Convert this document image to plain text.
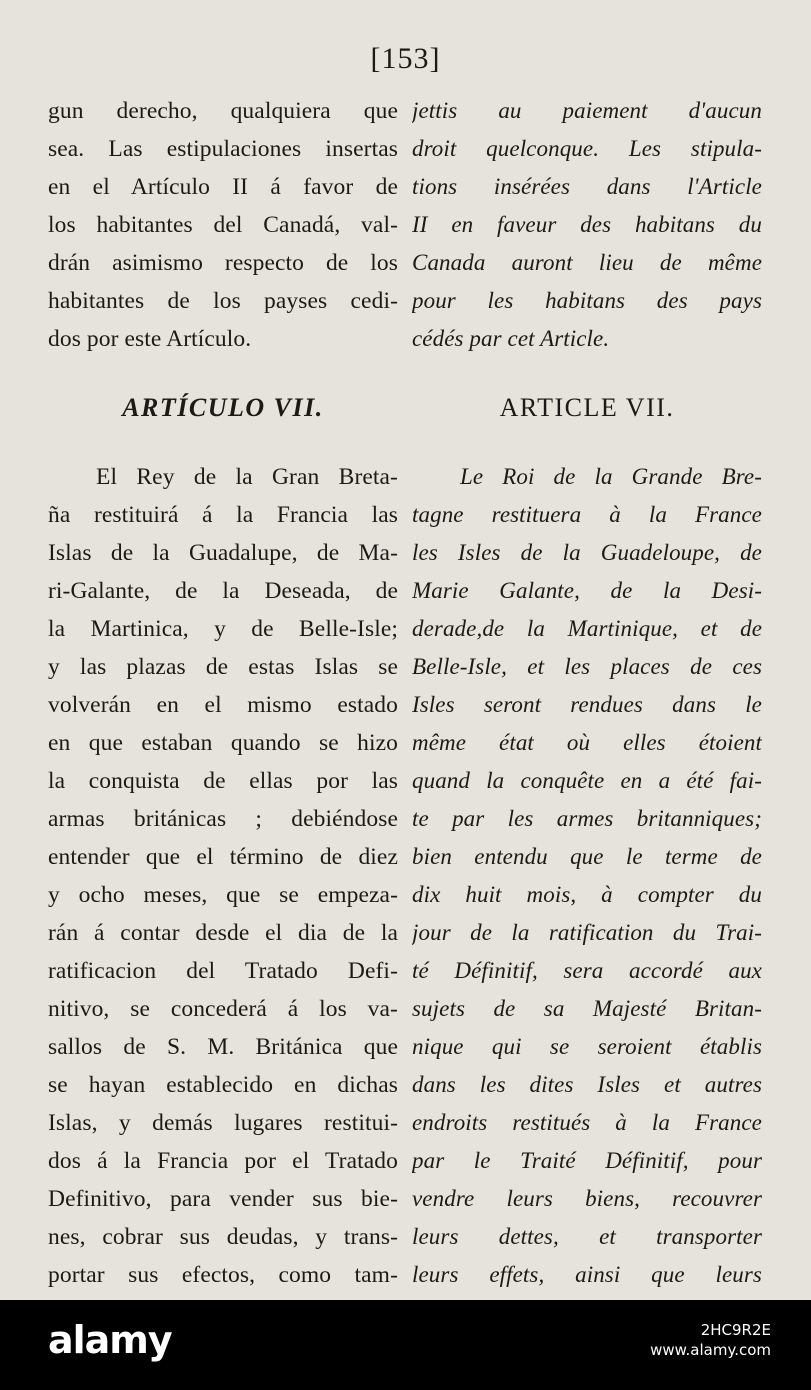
[153]
gun derecho, qualquiera que
sea. Las estipulaciones insertas
en el Artículo II á favor de
los habitantes del Canadá, val-
drán asimismo respecto de los
habitantes de los payses cedi-
dos por este Artículo.
ARTÍCULO VII.
El Rey de la Gran Breta-
ña restituirá á la Francia las
Islas de la Guadalupe, de Ma-
ri-Galante, de la Deseada, de
la Martinica, y de Belle-Isle;
y las plazas de estas Islas se
volverán en el mismo estado
en que estaban quando se hizo
la conquista de ellas por las
armas británicas ; debiéndose
entender que el término de diez
y ocho meses, que se empeza-
rán á contar desde el dia de la
ratificacion del Tratado Defi-
nitivo, se concederá á los va-
sallos de S. M. Británica que
se hayan establecido en dichas
Islas, y demás lugares restitui-
dos á la Francia por el Tratado
Definitivo, para vender sus bie-
nes, cobrar sus deudas, y trans-
portar sus efectos, como tam-
jettis au paiement d'aucun
droit quelconque. Les stipula-
tions insérées dans l'Article
II en faveur des habitans du
Canada auront lieu de même
pour les habitans des pays
cédés par cet Article.
ARTICLE VII.
Le Roi de la Grande Bre-
tagne restituera à la France
les Isles de la Guadeloupe, de
Marie Galante, de la Desi-
derade,de la Martinique, et de
Belle-Isle, et les places de ces
Isles seront rendues dans le
même état où elles étoient
quand la conquête en a été fai-
te par les armes britanniques;
bien entendu que le terme de
dix huit mois, à compter du
jour de la ratification du Trai-
té Définitif, sera accordé aux
sujets de sa Majesté Britan-
nique qui se seroient établis
dans les dites Isles et autres
endroits restitués à la France
par le Traité Définitif, pour
vendre leurs biens, recouvrer
leurs dettes, et transporter
leurs effets, ainsi que leurs
alamy	2HC9R2E
www.alamy.com
